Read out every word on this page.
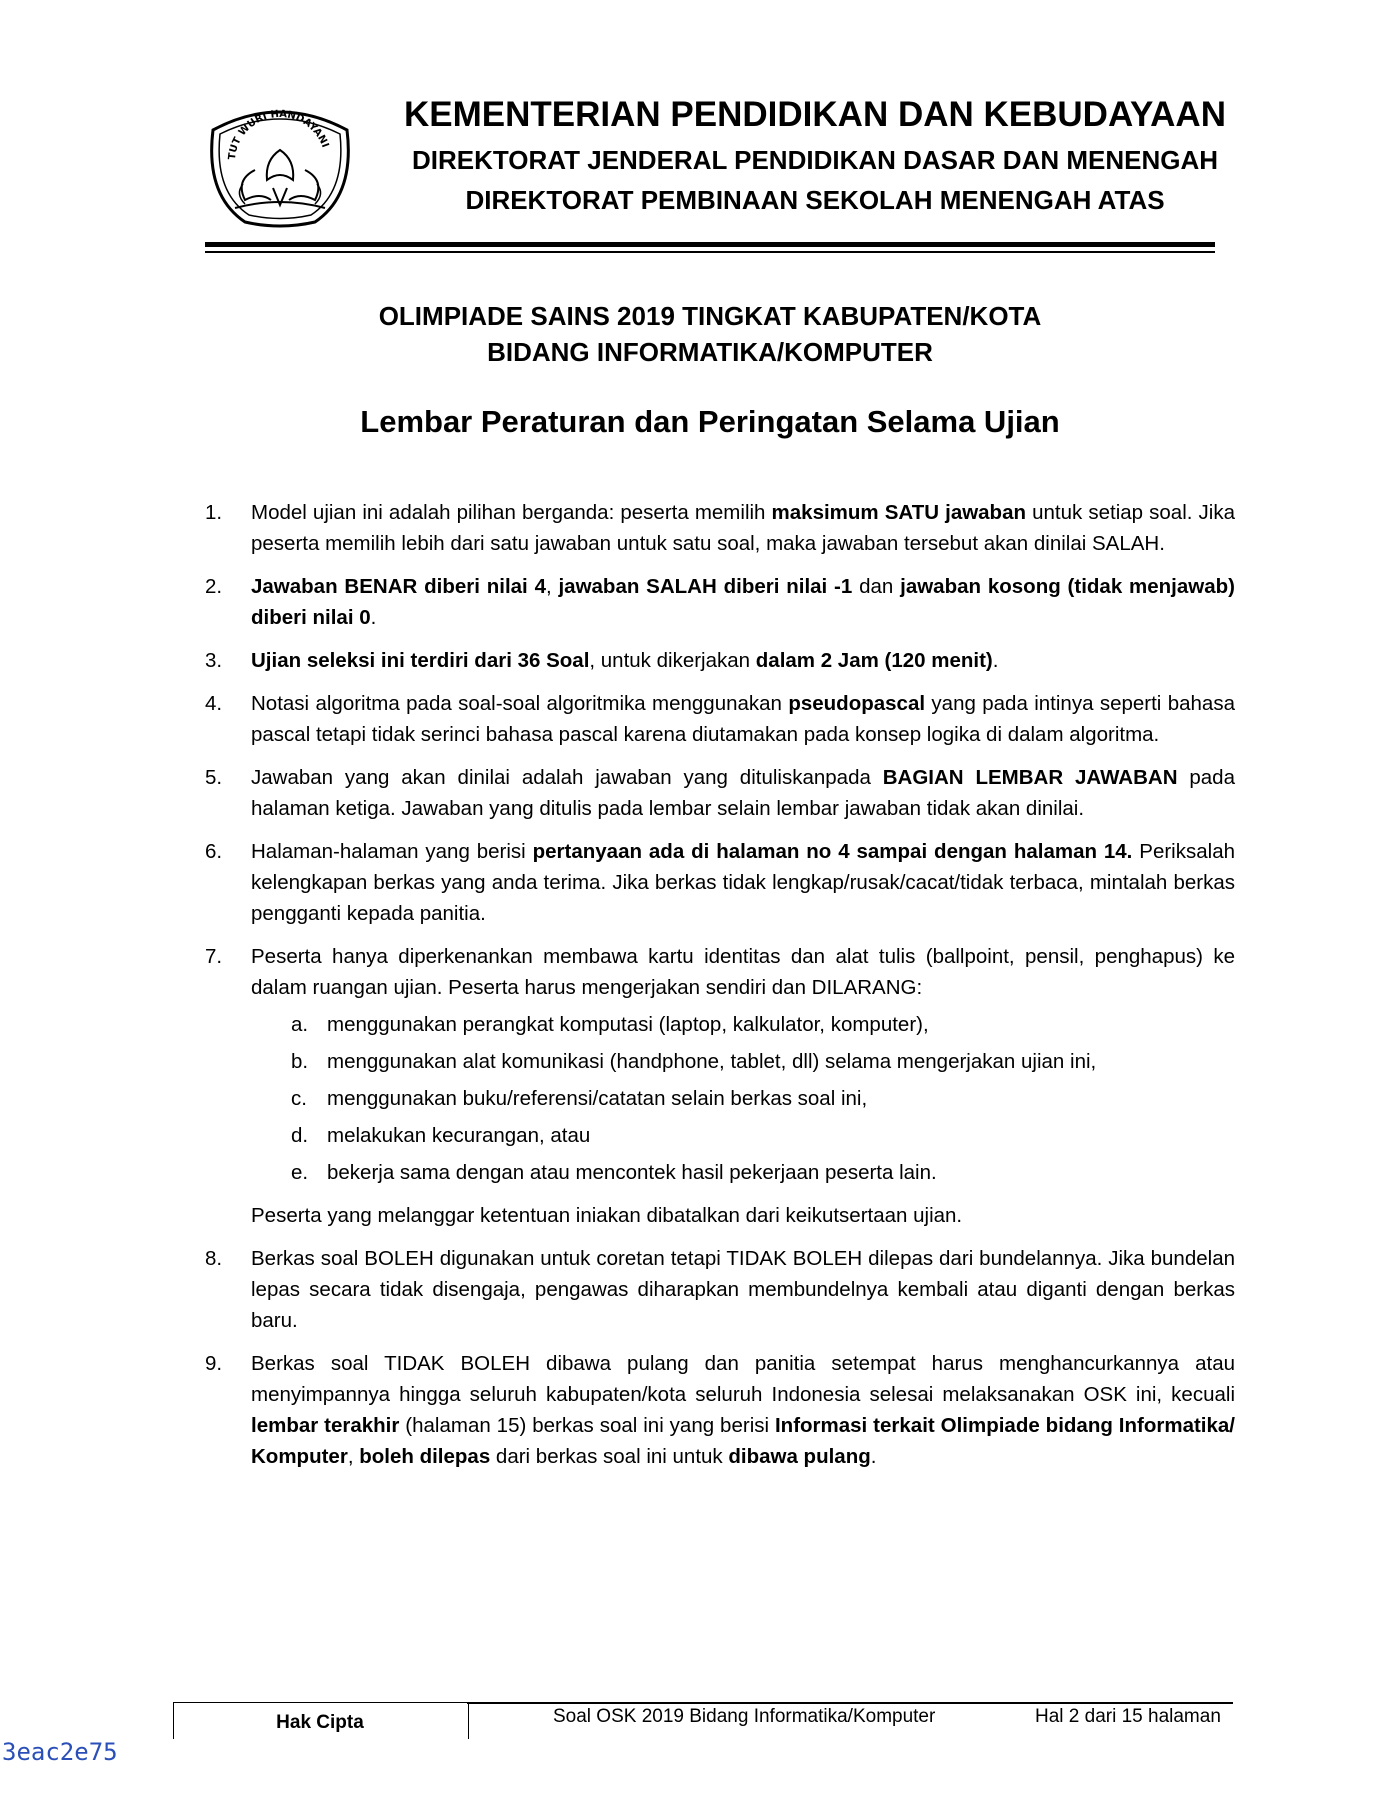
TUT WURI HANDAYANI
KEMENTERIAN PENDIDIKAN DAN KEBUDAYAAN
DIREKTORAT JENDERAL PENDIDIKAN DASAR DAN MENENGAH
DIREKTORAT PEMBINAAN SEKOLAH MENENGAH ATAS
OLIMPIADE SAINS 2019 TINGKAT KABUPATEN/KOTA
BIDANG INFORMATIKA/KOMPUTER
Lembar Peraturan dan Peringatan Selama Ujian
1. Model ujian ini adalah pilihan berganda: peserta memilih maksimum SATU jawaban untuk setiap soal. Jika peserta memilih lebih dari satu jawaban untuk satu soal, maka jawaban tersebut akan dinilai SALAH.
2. Jawaban BENAR diberi nilai 4, jawaban SALAH diberi nilai -1 dan jawaban kosong (tidak menjawab) diberi nilai 0.
3. Ujian seleksi ini terdiri dari 36 Soal, untuk dikerjakan dalam 2 Jam (120 menit).
4. Notasi algoritma pada soal-soal algoritmika menggunakan pseudopascal yang pada intinya seperti bahasa pascal tetapi tidak serinci bahasa pascal karena diutamakan pada konsep logika di dalam algoritma.
5. Jawaban yang akan dinilai adalah jawaban yang dituliskanpada BAGIAN LEMBAR JAWABAN pada halaman ketiga. Jawaban yang ditulis pada lembar selain lembar jawaban tidak akan dinilai.
6. Halaman-halaman yang berisi pertanyaan ada di halaman no 4 sampai dengan halaman 14. Periksalah kelengkapan berkas yang anda terima. Jika berkas tidak lengkap/rusak/cacat/tidak terbaca, mintalah berkas pengganti kepada panitia.
7. Peserta hanya diperkenankan membawa kartu identitas dan alat tulis (ballpoint, pensil, penghapus) ke dalam ruangan ujian. Peserta harus mengerjakan sendiri dan DILARANG:
a. menggunakan perangkat komputasi (laptop, kalkulator, komputer),
b. menggunakan alat komunikasi (handphone, tablet, dll) selama mengerjakan ujian ini,
c. menggunakan buku/referensi/catatan selain berkas soal ini,
d. melakukan kecurangan, atau
e. bekerja sama dengan atau mencontek hasil pekerjaan peserta lain.
Peserta yang melanggar ketentuan iniakan dibatalkan dari keikutsertaan ujian.
8. Berkas soal BOLEH digunakan untuk coretan tetapi TIDAK BOLEH dilepas dari bundelannya. Jika bundelan lepas secara tidak disengaja, pengawas diharapkan membundelnya kembali atau diganti dengan berkas baru.
9. Berkas soal TIDAK BOLEH dibawa pulang dan panitia setempat harus menghancurkannya atau menyimpannya hingga seluruh kabupaten/kota seluruh Indonesia selesai melaksanakan OSK ini, kecuali lembar terakhir (halaman 15) berkas soal ini yang berisi Informasi terkait Olimpiade bidang Informatika/ Komputer, boleh dilepas dari berkas soal ini untuk dibawa pulang.
Hak Cipta	Soal OSK 2019 Bidang Informatika/Komputer	Hal 2 dari 15 halaman
3eac2e75
